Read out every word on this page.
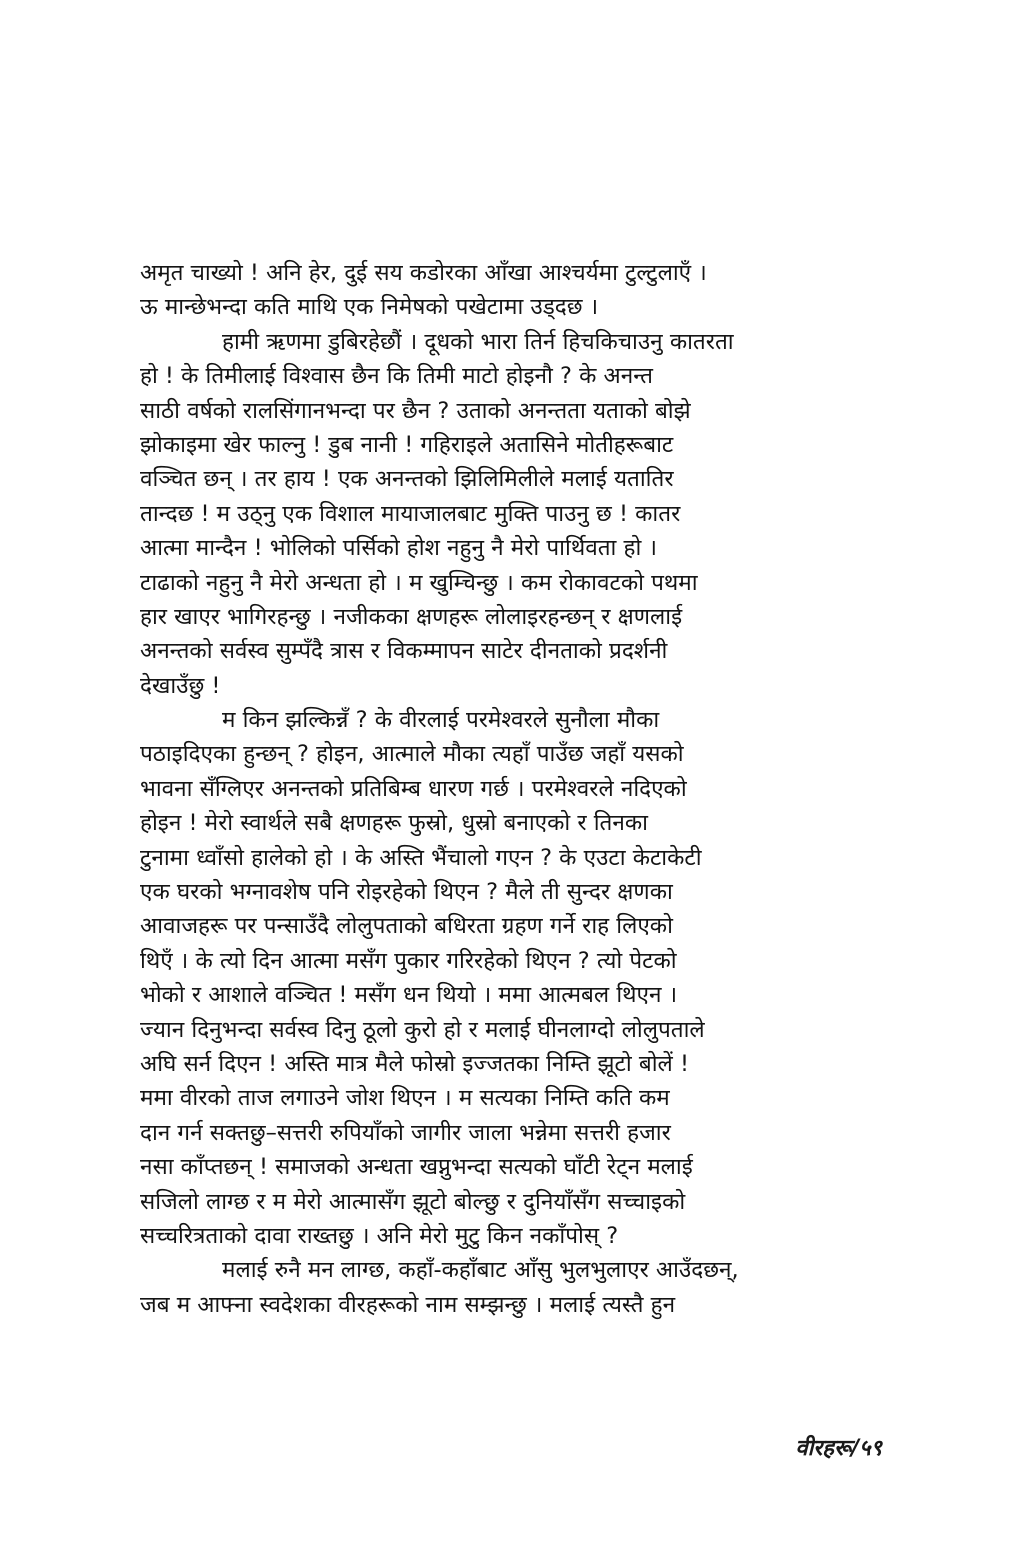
अमृत चाख्यो ! अनि हेर, दुई सय कडोरका आँखा आश्चर्यमा टुल्टुलाएँ ।
ऊ मान्छेभन्दा कति माथि एक निमेषको पखेटामा उड्दछ ।
हामी ऋणमा डुबिरहेछौं । दूधको भारा तिर्न हिचकिचाउनु कातरता
हो ! के तिमीलाई विश्वास छैन कि तिमी माटो होइनौ ? के अनन्त
साठी वर्षको रालसिंगानभन्दा पर छैन ? उताको अनन्तता यताको बोझे
झोकाइमा खेर फाल्नु ! डुब नानी ! गहिराइले अतासिने मोतीहरूबाट
वञ्चित छन् । तर हाय ! एक अनन्तको झिलिमिलीले मलाई यतातिर
तान्दछ ! म उठ्नु एक विशाल मायाजालबाट मुक्ति पाउनु छ ! कातर
आत्मा मान्दैन ! भोलिको पर्सिको होश नहुनु नै मेरो पार्थिवता हो ।
टाढाको नहुनु नै मेरो अन्धता हो । म खुम्चिन्छु । कम रोकावटको पथमा
हार खाएर भागिरहन्छु । नजीकका क्षणहरू लोलाइरहन्छन् र क्षणलाई
अनन्तको सर्वस्व सुम्पँदै त्रास र विकम्मापन साटेर दीनताको प्रदर्शनी
देखाउँछु !
म किन झल्किन्नँ ? के वीरलाई परमेश्वरले सुनौला मौका
पठाइदिएका हुन्छन् ? होइन, आत्माले मौका त्यहाँ पाउँछ जहाँ यसको
भावना सँग्लिएर अनन्तको प्रतिबिम्ब धारण गर्छ । परमेश्वरले नदिएको
होइन ! मेरो स्वार्थले सबै क्षणहरू फुस्रो, धुस्रो बनाएको र तिनका
टुनामा ध्वाँसो हालेको हो । के अस्ति भैंचालो गएन ? के एउटा केटाकेटी
एक घरको भग्नावशेष पनि रोइरहेको थिएन ? मैले ती सुन्दर क्षणका
आवाजहरू पर पन्साउँदै लोलुपताको बधिरता ग्रहण गर्ने राह लिएको
थिएँ । के त्यो दिन आत्मा मसँग पुकार गरिरहेको थिएन ? त्यो पेटको
भोको र आशाले वञ्चित ! मसँग धन थियो । ममा आत्मबल थिएन ।
ज्यान दिनुभन्दा सर्वस्व दिनु ठूलो कुरो हो र मलाई घीनलाग्दो लोलुपताले
अघि सर्न दिएन ! अस्ति मात्र मैले फोस्रो इज्जतका निम्ति झूटो बोलें !
ममा वीरको ताज लगाउने जोश थिएन । म सत्यका निम्ति कति कम
दान गर्न सक्तछु–सत्तरी रुपियाँको जागीर जाला भन्नेमा सत्तरी हजार
नसा काँप्तछन् ! समाजको अन्धता खप्नुभन्दा सत्यको घाँटी रेट्न मलाई
सजिलो लाग्छ र म मेरो आत्मासँग झूटो बोल्छु र दुनियाँसँग सच्चाइको
सच्चरित्रताको दावा राख्तछु । अनि मेरो मुटु किन नकाँपोस् ?
मलाई रुनै मन लाग्छ, कहाँ-कहाँबाट आँसु भुलभुलाएर आउँदछन्,
जब म आफ्ना स्वदेशका वीरहरूको नाम सम्झन्छु । मलाई त्यस्तै हुन
वीरहरू/५९
